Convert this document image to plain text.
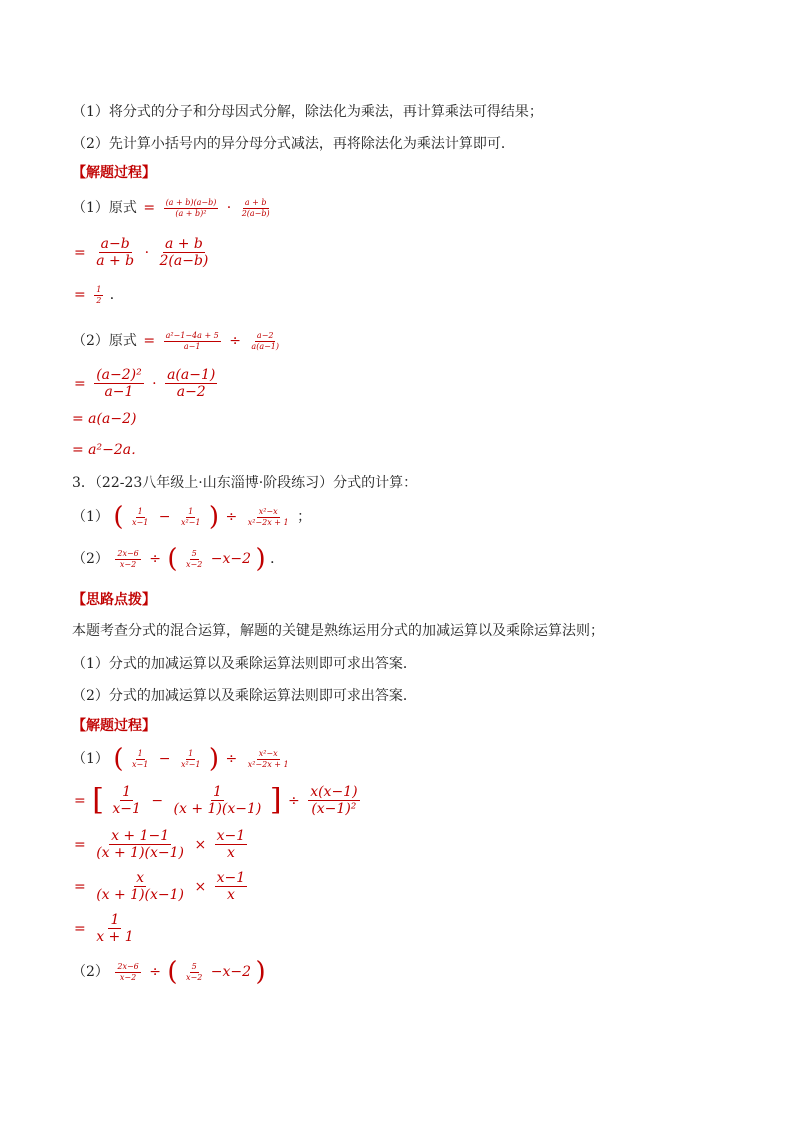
（1）将分式的分子和分母因式分解，除法化为乘法，再计算乘法可得结果；
（2）先计算小括号内的异分母分式减法，再将除法化为乘法计算即可．
【解题过程】
（1）原式 = $\frac{(a + b)(a-b)}{\text{(a + b)²}} \cdot \frac{a + b}{2(a-b)}$
= $\frac{a-b}{a + b} \cdot \frac{a + b}{2(a-b)}$
= $\frac{1}{2}$ ．
（2）原式 = $\frac{\text{a²−1−4a + 5}}{a-1} \div \frac{a-2}{a(a-1)}$
= $\frac{\text{(a−2)²}}{a-1} \cdot \frac{a(a-1)}{a-2}$
= a(a−2)
= a²−2a．
3．（22-23八年级上·山东淄博·阶段练习）分式的计算：
（1） ( $\frac{1}{x-1} - \frac{1}{\text{x²−1}}$ ) ÷ $\frac{\text{x²−x}}{\text{x²−2x + 1}}$ ；
$(2) \frac{2x-6}{x-2}$ ÷ ( $\frac{5}{x-2} -x-2$ ) ．
【思路点拨】
本题考查分式的混合运算，解题的关键是熟练运用分式的加减运算以及乘除运算法则；
（1）分式的加减运算以及乘除运算法则即可求出答案．
（2）分式的加减运算以及乘除运算法则即可求出答案．
【解题过程】
（1） ( $\frac{1}{x-1} - \frac{1}{\text{x²−1}}$ ) ÷ $\frac{\text{x²−x}}{\text{x²−2x + 1}}$
= [ $\frac{1}{x-1} - \frac{1}{(x + 1)(x-1)}$ ] ÷ $\frac{x(x-1)}{\text{(x−1)²}}$
= $\frac{x + 1-1}{(x + 1)(x-1)} \times \frac{x-1}{x}$
= $\frac{x}{(x + 1)(x-1)} \times \frac{x-1}{x}$
= $\frac{1}{x + 1}$
$(2) \frac{2x-6}{x-2}$ ÷ ( $\frac{5}{x-2} -x-2$ )
